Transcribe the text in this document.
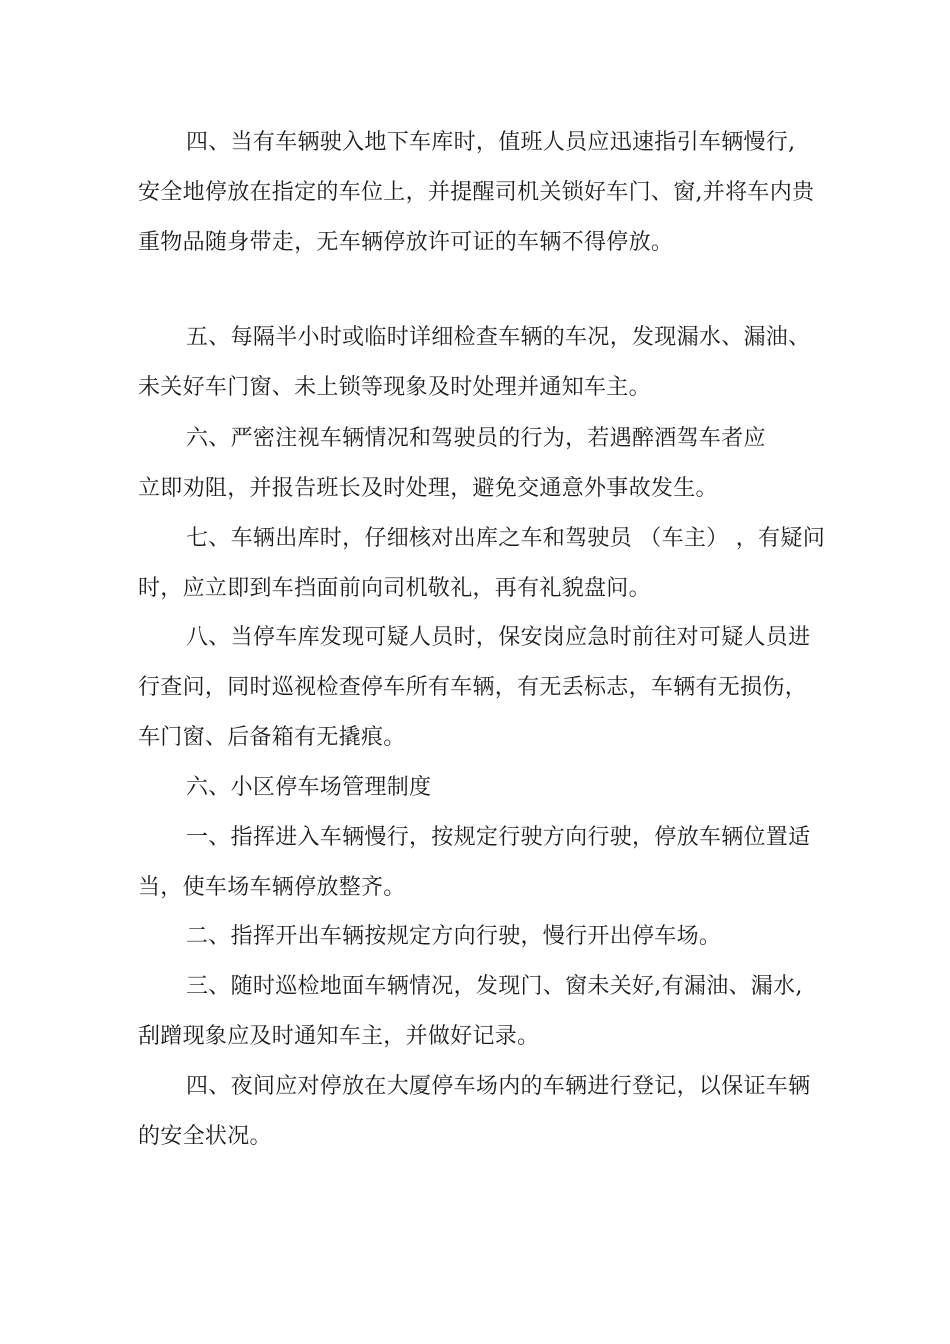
四、当有车辆驶入地下车库时，值班人员应迅速指引车辆慢行,
安全地停放在指定的车位上，并提醒司机关锁好车门、窗,并将车内贵
重物品随身带走，无车辆停放许可证的车辆不得停放。
五、每隔半小时或临时详细检查车辆的车况，发现漏水、漏油、
未关好车门窗、未上锁等现象及时处理并通知车主。
六、严密注视车辆情况和驾驶员的行为，若遇醉酒驾车者应
立即劝阻，并报告班长及时处理，避免交通意外事故发生。
七、车辆出库时，仔细核对出库之车和驾驶员 （车主） ，有疑问
时，应立即到车挡面前向司机敬礼，再有礼貌盘问。
八、当停车库发现可疑人员时，保安岗应急时前往对可疑人员进
行查问，同时巡视检查停车所有车辆，有无丢标志，车辆有无损伤，
车门窗、后备箱有无撬痕。
六、小区停车场管理制度
一、指挥进入车辆慢行，按规定行驶方向行驶，停放车辆位置适
当，使车场车辆停放整齐。
二、指挥开出车辆按规定方向行驶，慢行开出停车场。
三、随时巡检地面车辆情况，发现门、窗未关好,有漏油、漏水,
刮蹭现象应及时通知车主，并做好记录。
四、夜间应对停放在大厦停车场内的车辆进行登记，以保证车辆
的安全状况。
